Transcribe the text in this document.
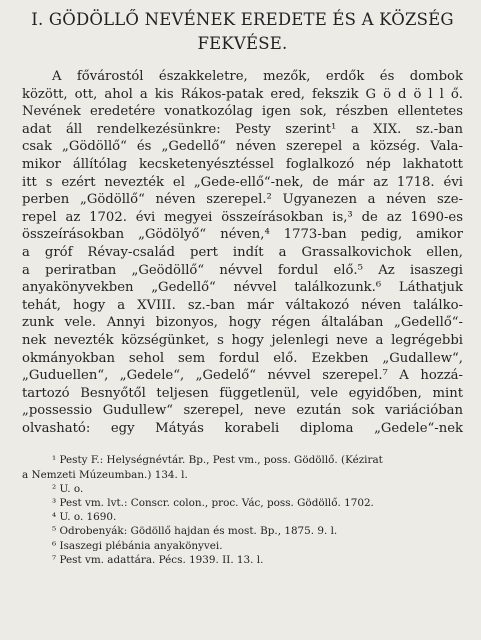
I. GÖDÖLLŐ NEVÉNEK EREDETE ÉS A KÖZSÉG
FEKVÉSE.

A fővárostól északkeletre, mezők, erdők és dombok

között, ott, ahol a kis Rákos-patak ered, fekszik G ö d ö l l ő.

Nevének eredetére vonatkozólag igen sok, részben ellentetes

adat áll rendelkezésünkre: Pesty szerint¹ a XIX. sz.-ban

csak „Gödöllő“ és „Gedellő“ néven szerepel a község. Vala-

mikor állítólag kecsketenyésztéssel foglalkozó nép lakhatott

itt s ezért nevezték el „Gede-ellő“-nek, de már az 1718. évi

perben „Gödöllő“ néven szerepel.² Ugyanezen a néven sze-

repel az 1702. évi megyei összeírásokban is,³ de az 1690-es

összeírásokban „Gödölyő“ néven,⁴ 1773-ban pedig, amikor

a gróf Révay-család pert indít a Grassalkovichok ellen,

a periratban „Geödöllő“ névvel fordul elő.⁵ Az isaszegi

anyakönyvekben „Gedellő“ névvel találkozunk.⁶ Láthatjuk

tehát, hogy a XVIII. sz.-ban már váltakozó néven találko-

zunk vele. Annyi bizonyos, hogy régen általában „Gedellő“-

nek nevezték községünket, s hogy jelenlegi neve a legrégebbi

okmányokban sehol sem fordul elő. Ezekben „Gudallew“,

„Guduellen“, „Gedele“, „Gedelő“ névvel szerepel.⁷ A hozzá-

tartozó Besnyőtől teljesen függetlenül, vele egyidőben, mint

„possessio Gudullew“ szerepel, neve ezután sok variációban

olvasható: egy Mátyás korabeli diploma „Gedele“-nek

¹ Pesty F.: Helységnévtár. Bp., Pest vm., poss. Gödöllő. (Kézirat

a Nemzeti Múzeumban.) 134. l.

² U. o.

³ Pest vm. lvt.: Conscr. colon., proc. Vác, poss. Gödöllő. 1702.

⁴ U. o. 1690.

⁵ Odrobenyák: Gödöllő hajdan és most. Bp., 1875. 9. l.

⁶ Isaszegi plébánia anyakönyvei.

⁷ Pest vm. adattára. Pécs. 1939. II. 13. l.
